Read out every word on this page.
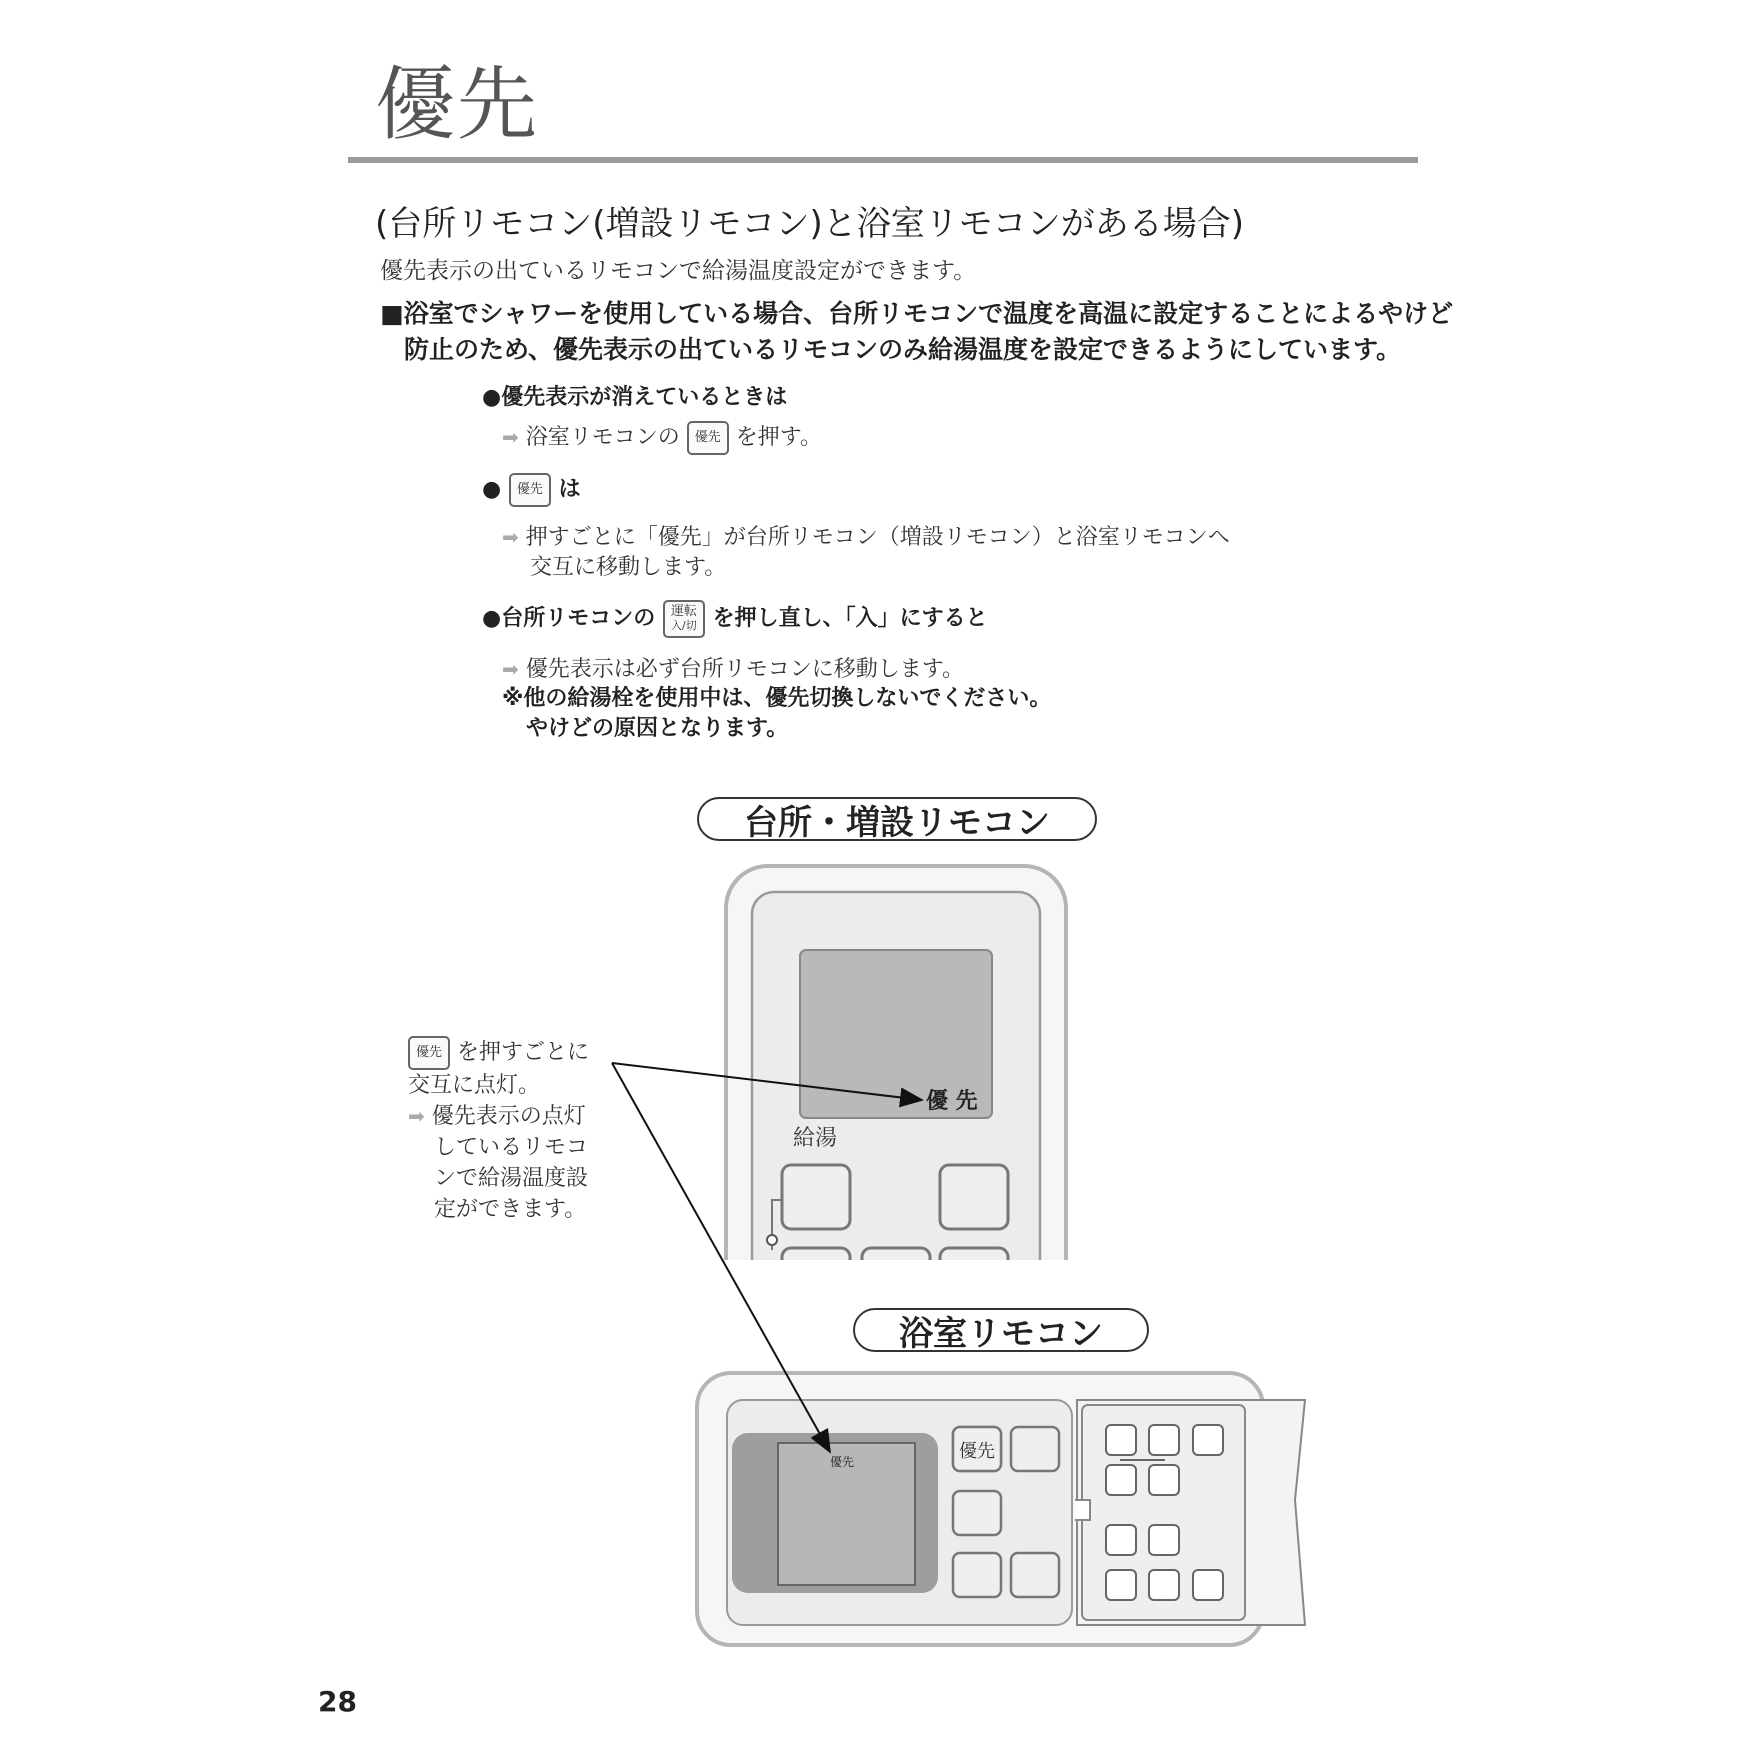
優先
(台所リモコン(増設リモコン)と浴室リモコンがある場合)
優先表示の出ているリモコンで給湯温度設定ができます。
■浴室でシャワーを使用している場合、台所リモコンで温度を高温に設定することによるやけど
防止のため、優先表示の出ているリモコンのみ給湯温度を設定できるようにしています。
●優先表示が消えているときは
➡ 浴室リモコンの 優先 を押す。
● 優先 は
➡ 押すごとに「優先」が台所リモコン（増設リモコン）と浴室リモコンへ
交互に移動します。
●台所リモコンの 運転
入/切 を押し直し、「入」にすると
➡ 優先表示は必ず台所リモコンに移動します。
※他の給湯栓を使用中は、優先切換しないでください。
やけどの原因となります。
台所・増設リモコン
浴室リモコン
優 先
給湯
優先
優先
優先 を押すごとに
交互に点灯。
➡ 優先表示の点灯
しているリモコ
ンで給湯温度設
定ができます。
28
